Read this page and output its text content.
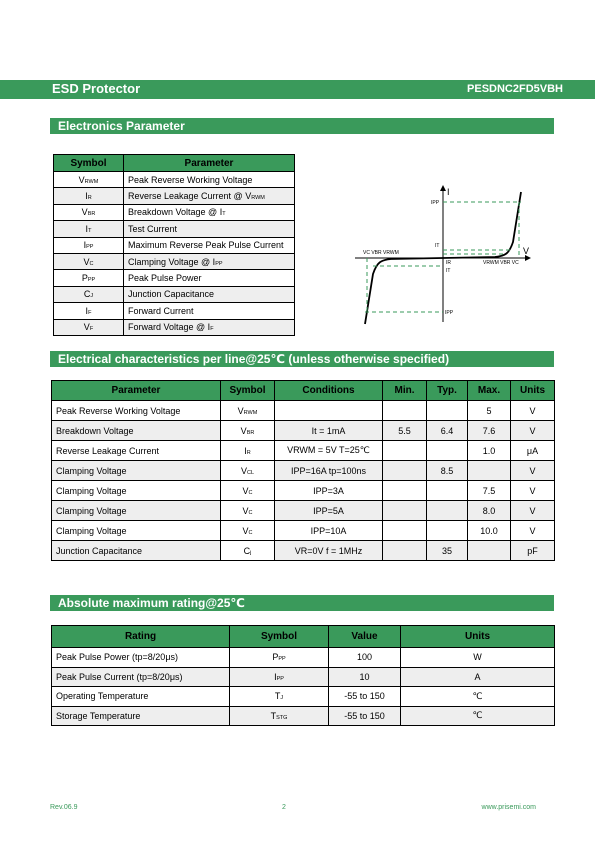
ESD Protector	PESDNC2FD5VBH
Electronics Parameter
Symbol	Parameter
VRWM	Peak Reverse Working Voltage
IR	Reverse Leakage Current @ VRWM
VBR	Breakdown Voltage @ IT
IT	Test Current
IPP	Maximum Reverse Peak Pulse Current
VC	Clamping Voltage @ IPP
PPP	Peak Pulse Power
CJ	Junction Capacitance
IF	Forward Current
VF	Forward Voltage @ IF
I
V
IPP
IT
IR
IT
IPP
VC VBR VRWM
VRWM VBR VC
Electrical characteristics per line@25℃ (unless otherwise specified)
Parameter	Symbol	Conditions	Min.	Typ.	Max.	Units
Peak Reverse Working Voltage	VRWM				5	V
Breakdown Voltage	VBR	It = 1mA	5.5	6.4	7.6	V
Reverse Leakage Current	IR	VRWM = 5V T=25℃			1.0	μA
Clamping Voltage	VCL	IPP=16A tp=100ns		8.5		V
Clamping Voltage	VC	IPP=3A			7.5	V
Clamping Voltage	VC	IPP=5A			8.0	V
Clamping Voltage	VC	IPP=10A			10.0	V
Junction Capacitance	Cj	VR=0V f = 1MHz		35		pF
Absolute maximum rating@25℃
Rating	Symbol	Value	Units
Peak Pulse Power (tp=8/20μs)	PPP	100	W
Peak Pulse Current (tp=8/20μs)	IPP	10	A
Operating Temperature	TJ	-55 to 150	℃
Storage Temperature	TSTG	-55 to 150	℃
Rev.06.9	2	www.prisemi.com
